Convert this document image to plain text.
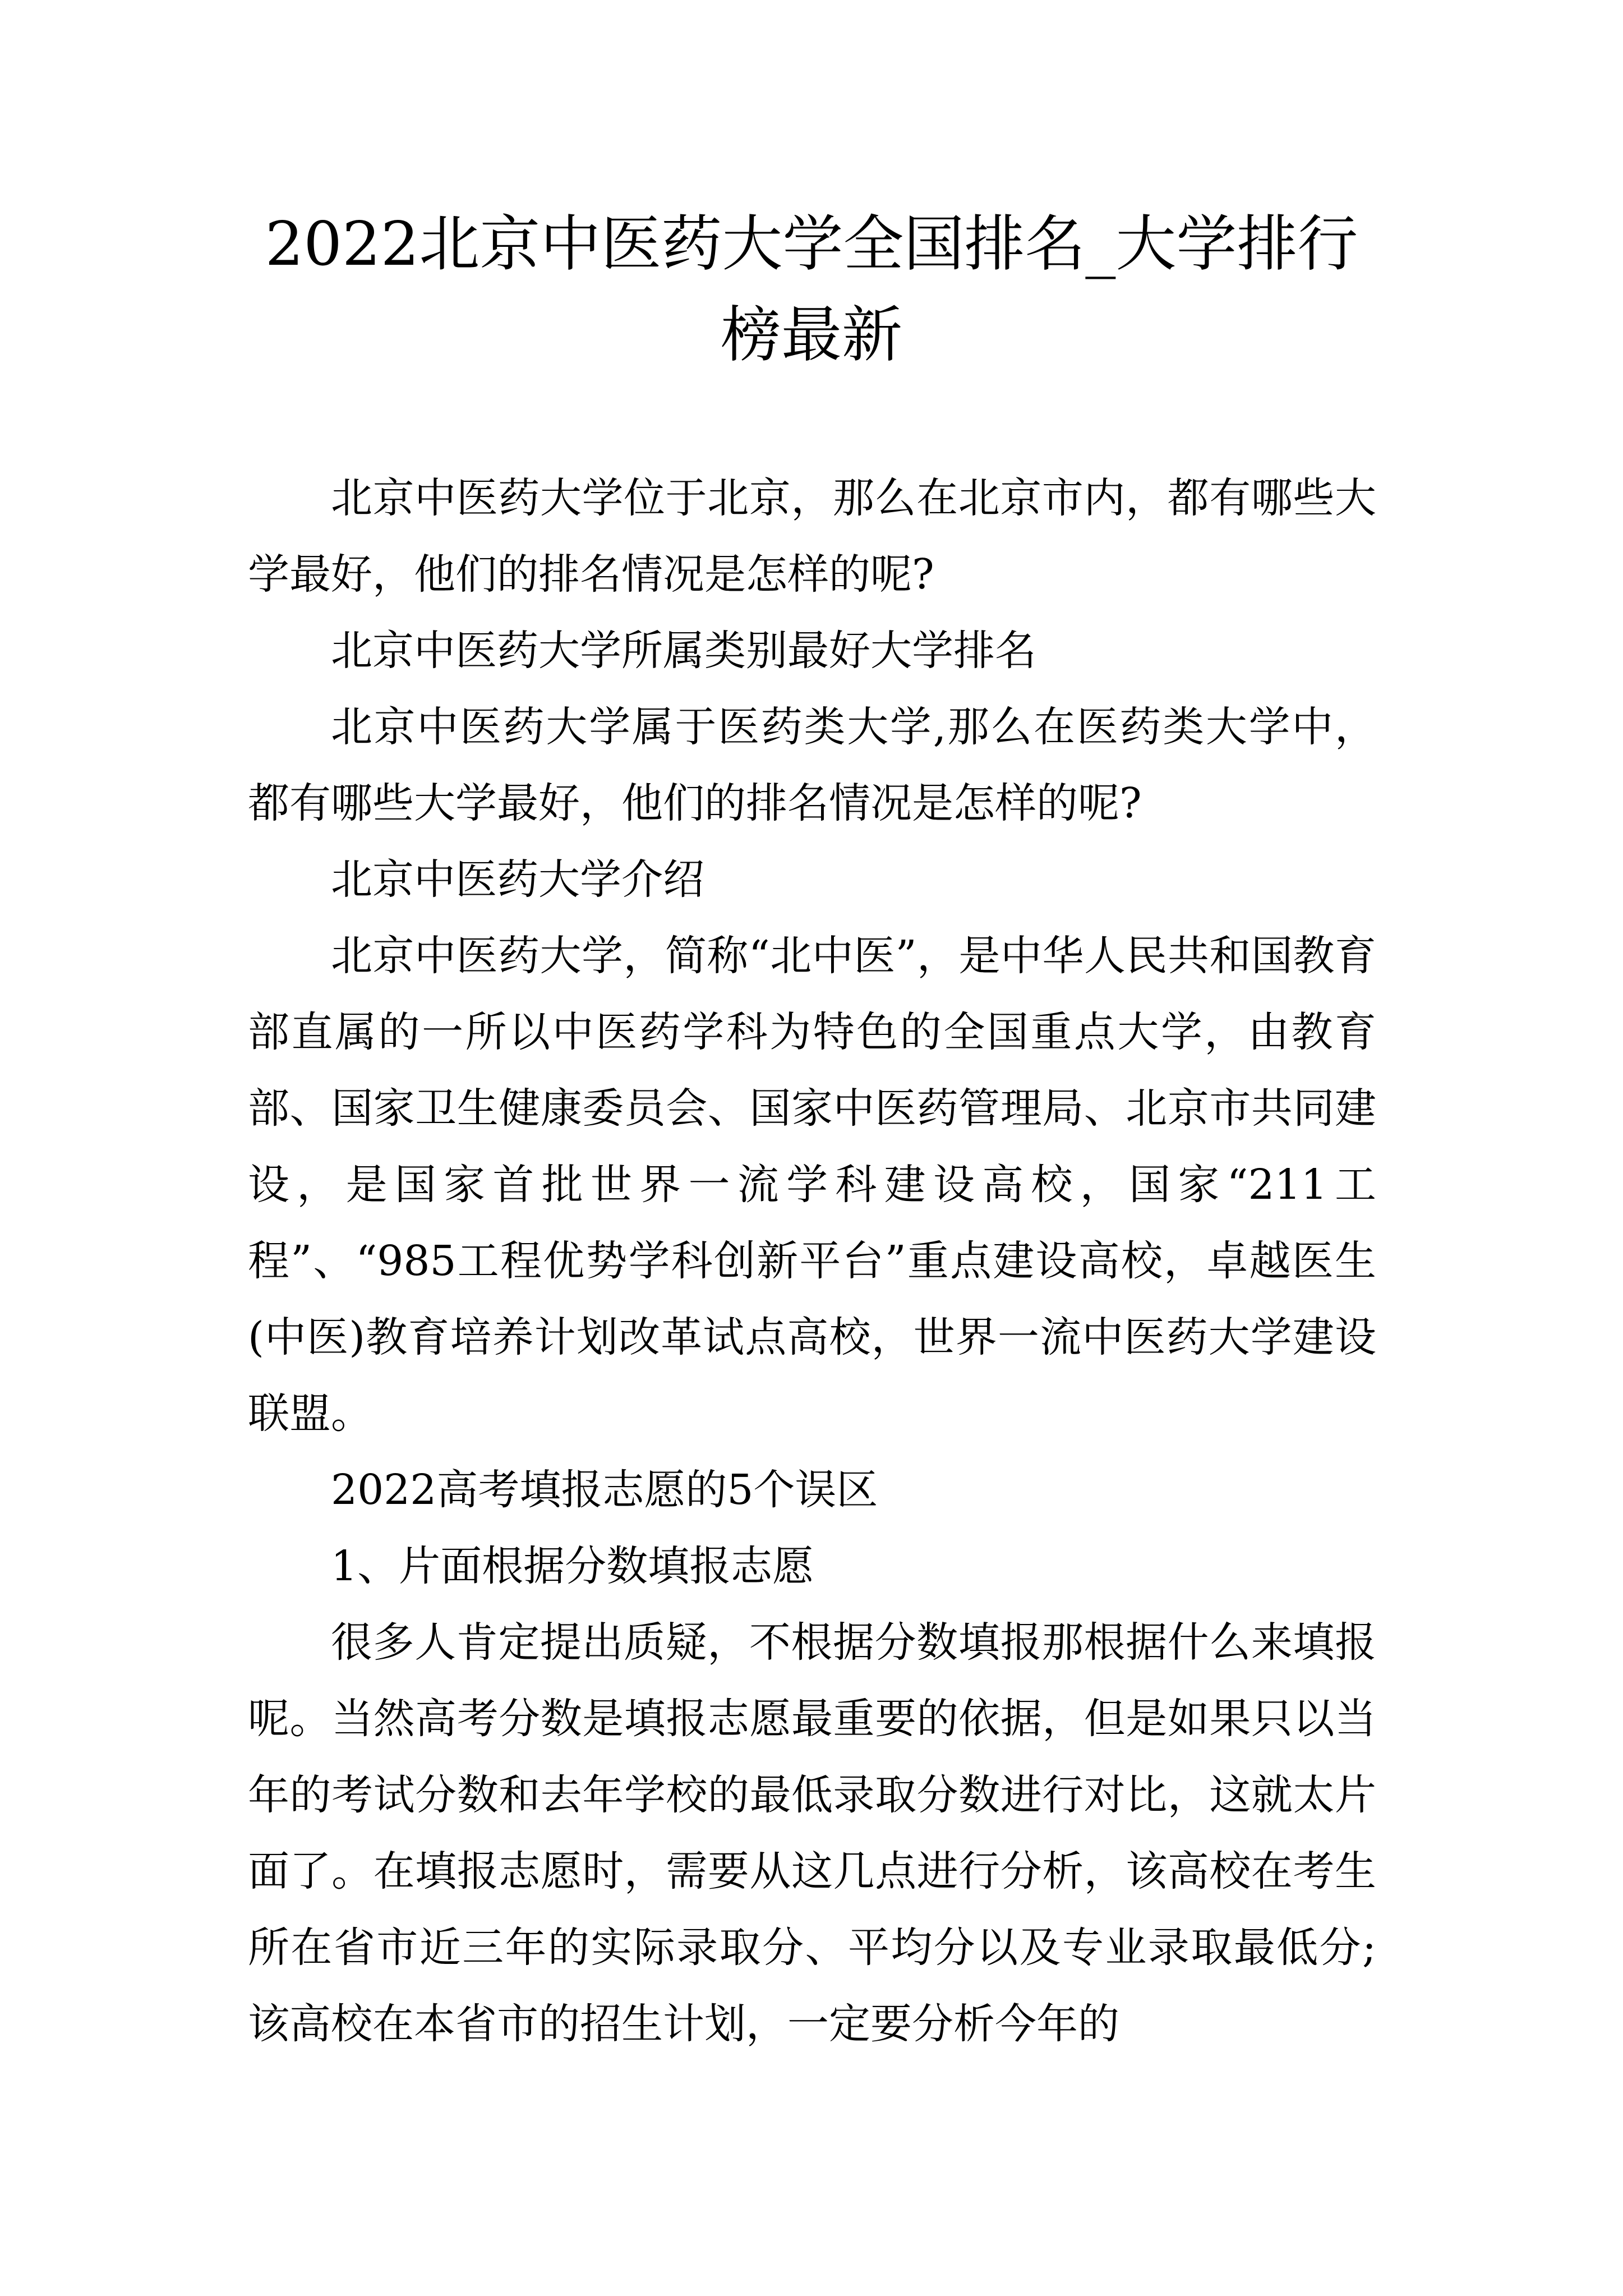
2022北京中医药大学全国排名_大学排行榜最新

北京中医药大学位于北京，那么在北京市内，都有哪些大学最好，他们的排名情况是怎样的呢?

北京中医药大学所属类别最好大学排名

北京中医药大学属于医药类大学,那么在医药类大学中，都有哪些大学最好，他们的排名情况是怎样的呢?

北京中医药大学介绍

北京中医药大学，简称“北中医”，是中华人民共和国教育部直属的一所以中医药学科为特色的全国重点大学，由教育部、国家卫生健康委员会、国家中医药管理局、北京市共同建设，是国家首批世界一流学科建设高校，国家“211工程”、“985工程优势学科创新平台”重点建设高校，卓越医生(中医)教育培养计划改革试点高校，世界一流中医药大学建设联盟。

2022高考填报志愿的5个误区

1、片面根据分数填报志愿

很多人肯定提出质疑，不根据分数填报那根据什么来填报呢。当然高考分数是填报志愿最重要的依据，但是如果只以当年的考试分数和去年学校的最低录取分数进行对比，这就太片面了。在填报志愿时，需要从这几点进行分析，该高校在考生所在省市近三年的实际录取分、平均分以及专业录取最低分;该高校在本省市的招生计划，一定要分析今年的
